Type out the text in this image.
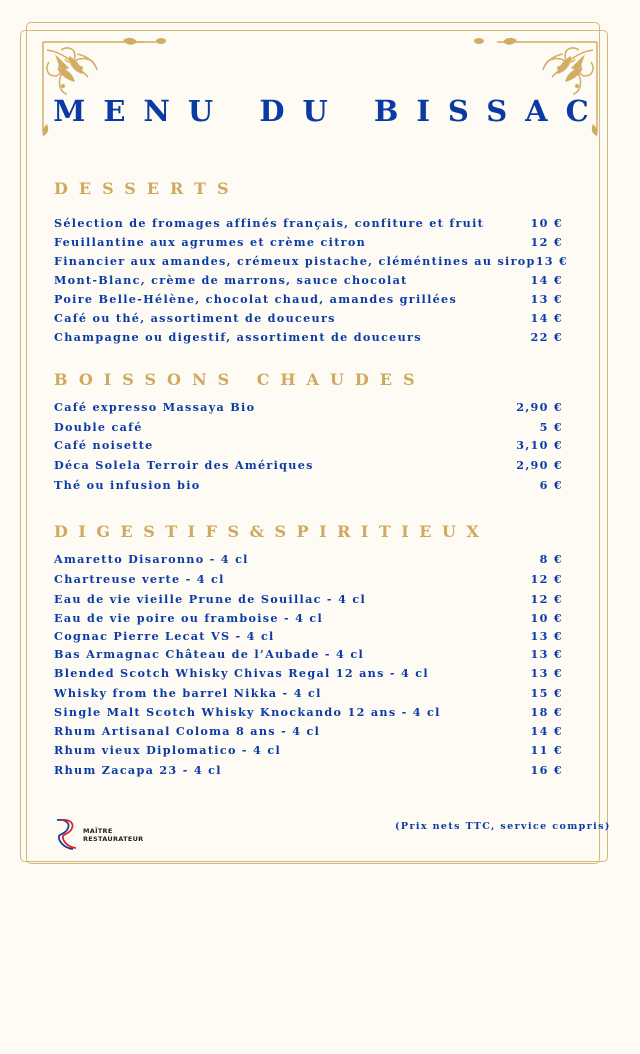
MENU DU BISSAC
DESSERTS
Sélection de fromages affinés français, confiture et fruit	10 €
Feuillantine aux agrumes et crème citron	12 €
Financier aux amandes, crémeux pistache, cléméntines au sirop 13 €
Mont-Blanc, crème de marrons, sauce chocolat	14 €
Poire Belle-Hélène, chocolat chaud, amandes grillées	13 €
Café ou thé, assortiment de douceurs	14 €
Champagne ou digestif, assortiment de douceurs	22 €
BOISSONS CHAUDES
Café expresso Massaya Bio	2,90 €
Double café	5 €
Café noisette	3,10 €
Déca Solela Terroir des Amériques	2,90 €
Thé ou infusion bio	6 €
DIGESTIFS&SPIRITIEUX
Amaretto Disaronno - 4 cl	8 €
Chartreuse verte - 4 cl	12 €
Eau de vie vieille Prune de Souillac - 4 cl	12 €
Eau de vie poire ou framboise - 4 cl	10 €
Cognac Pierre Lecat VS - 4 cl	13 €
Bas Armagnac Château de l’Aubade - 4 cl	13 €
Blended Scotch Whisky Chivas Regal 12 ans - 4 cl	13 €
Whisky from the barrel Nikka - 4 cl	15 €
Single Malt Scotch Whisky Knockando 12 ans - 4 cl	18 €
Rhum Artisanal Coloma 8 ans - 4 cl	14 €
Rhum vieux Diplomatico - 4 cl	11 €
Rhum Zacapa 23 - 4 cl	16 €
MAÎTRE
RESTAURATEUR
(Prix nets TTC, service compris)
